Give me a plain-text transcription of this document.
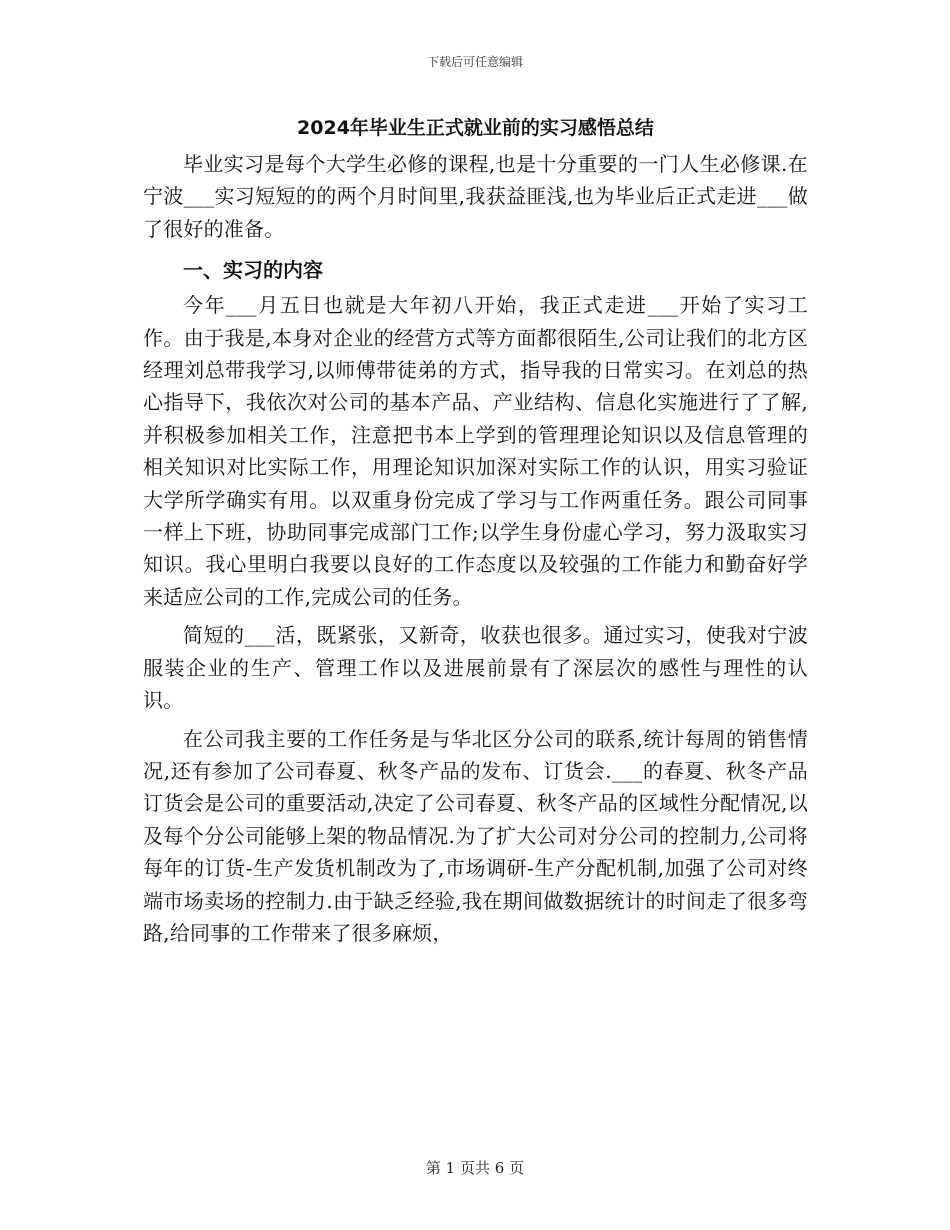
下载后可任意编辑
2024年毕业生正式就业前的实习感悟总结

毕业实习是每个大学生必修的课程,也是十分重要的一门人生必修课.在宁波___实习短短的的两个月时间里,我获益匪浅,也为毕业后正式走进___做了很好的准备。

一、实习的内容

今年___月五日也就是大年初八开始，我正式走进___开始了实习工作。由于我是,本身对企业的经营方式等方面都很陌生,公司让我们的北方区经理刘总带我学习,以师傅带徒弟的方式，指导我的日常实习。在刘总的热心指导下，我依次对公司的基本产品、产业结构、信息化实施进行了了解,并积极参加相关工作，注意把书本上学到的管理理论知识以及信息管理的相关知识对比实际工作，用理论知识加深对实际工作的认识，用实习验证大学所学确实有用。以双重身份完成了学习与工作两重任务。跟公司同事一样上下班，协助同事完成部门工作;以学生身份虚心学习，努力汲取实习知识。我心里明白我要以良好的工作态度以及较强的工作能力和勤奋好学来适应公司的工作,完成公司的任务。

简短的___活，既紧张，又新奇，收获也很多。通过实习，使我对宁波服装企业的生产、管理工作以及进展前景有了深层次的感性与理性的认识。

在公司我主要的工作任务是与华北区分公司的联系,统计每周的销售情况,还有参加了公司春夏、秋冬产品的发布、订货会.___的春夏、秋冬产品订货会是公司的重要活动,决定了公司春夏、秋冬产品的区域性分配情况,以及每个分公司能够上架的物品情况.为了扩大公司对分公司的控制力,公司将每年的订货-生产发货机制改为了,市场调研-生产分配机制,加强了公司对终端市场卖场的控制力.由于缺乏经验,我在期间做数据统计的时间走了很多弯路,给同事的工作带来了很多麻烦，

第 1 页共 6 页
